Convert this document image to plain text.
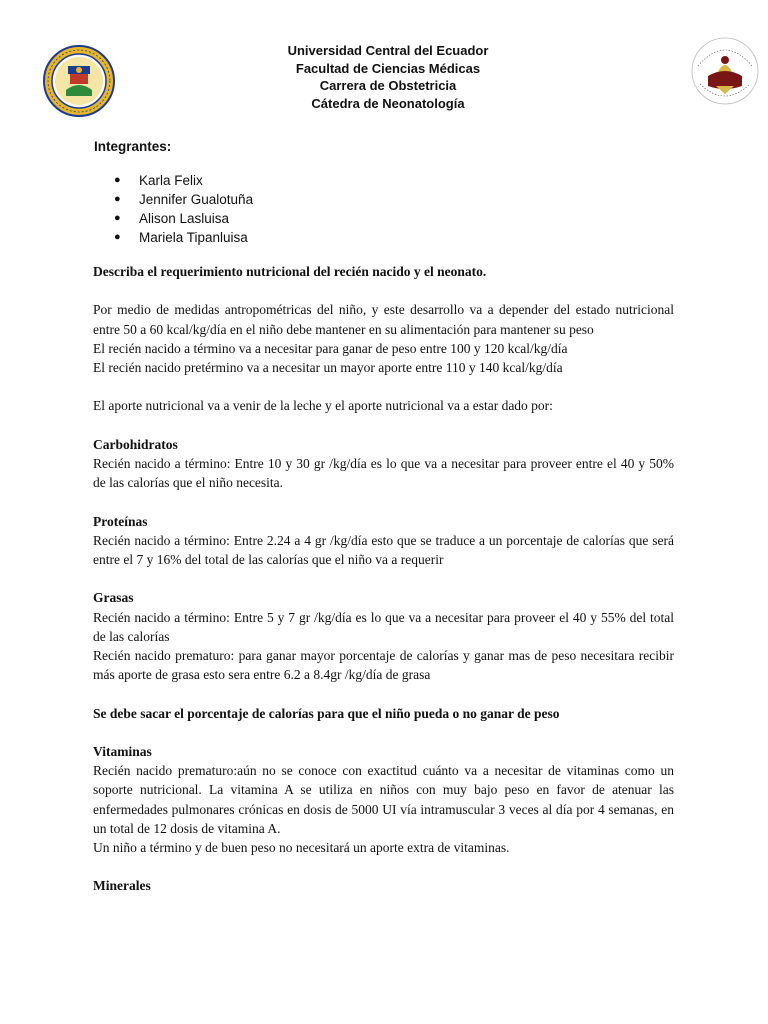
Universidad Central del Ecuador
Facultad de Ciencias Médicas
Carrera de Obstetricia
Cátedra de Neonatología
Integrantes:
● Karla Felix
● Jennifer Gualotuña
● Alison Lasluisa
● Mariela Tipanluisa

Describa el requerimiento nutricional del recién nacido y el neonato.

Por medio de medidas antropométricas del niño, y este desarrollo va a depender del estado nutricional entre 50 a 60 kcal/kg/día en el niño debe mantener en su alimentación para mantener su peso

El recién nacido a término va a necesitar para ganar de peso entre 100 y 120 kcal/kg/día

El recién nacido pretérmino va a necesitar un mayor aporte entre 110 y 140 kcal/kg/día

El aporte nutricional va a venir de la leche y el aporte nutricional va a estar dado por:

Carbohidratos

Recién nacido a término: Entre 10 y 30 gr /kg/día es lo que va a necesitar para proveer entre el 40 y 50% de las calorías que el niño necesita.

Proteínas

Recién nacido a término: Entre 2.24 a 4 gr /kg/día esto que se traduce a un porcentaje de calorías que será entre el 7 y 16% del total de las calorías que el niño va a requerir

Grasas

Recién nacido a término: Entre 5 y 7 gr /kg/día es lo que va a necesitar para proveer el 40 y 55% del total de las calorías

Recién nacido prematuro: para ganar mayor porcentaje de calorías y ganar mas de peso necesitara recibir más aporte de grasa esto sera entre 6.2 a 8.4gr /kg/día de grasa

Se debe sacar el porcentaje de calorías para que el niño pueda o no ganar de peso

Vitaminas

Recién nacido prematuro:aún no se conoce con exactitud cuánto va a necesitar de vitaminas como un soporte nutricional. La vitamina A se utiliza en niños con muy bajo peso en favor de atenuar las enfermedades pulmonares crónicas en dosis de 5000 UI vía intramuscular 3 veces al día por 4 semanas, en un total de 12 dosis de vitamina A.

Un niño a término y de buen peso no necesitará un aporte extra de vitaminas.

Minerales
